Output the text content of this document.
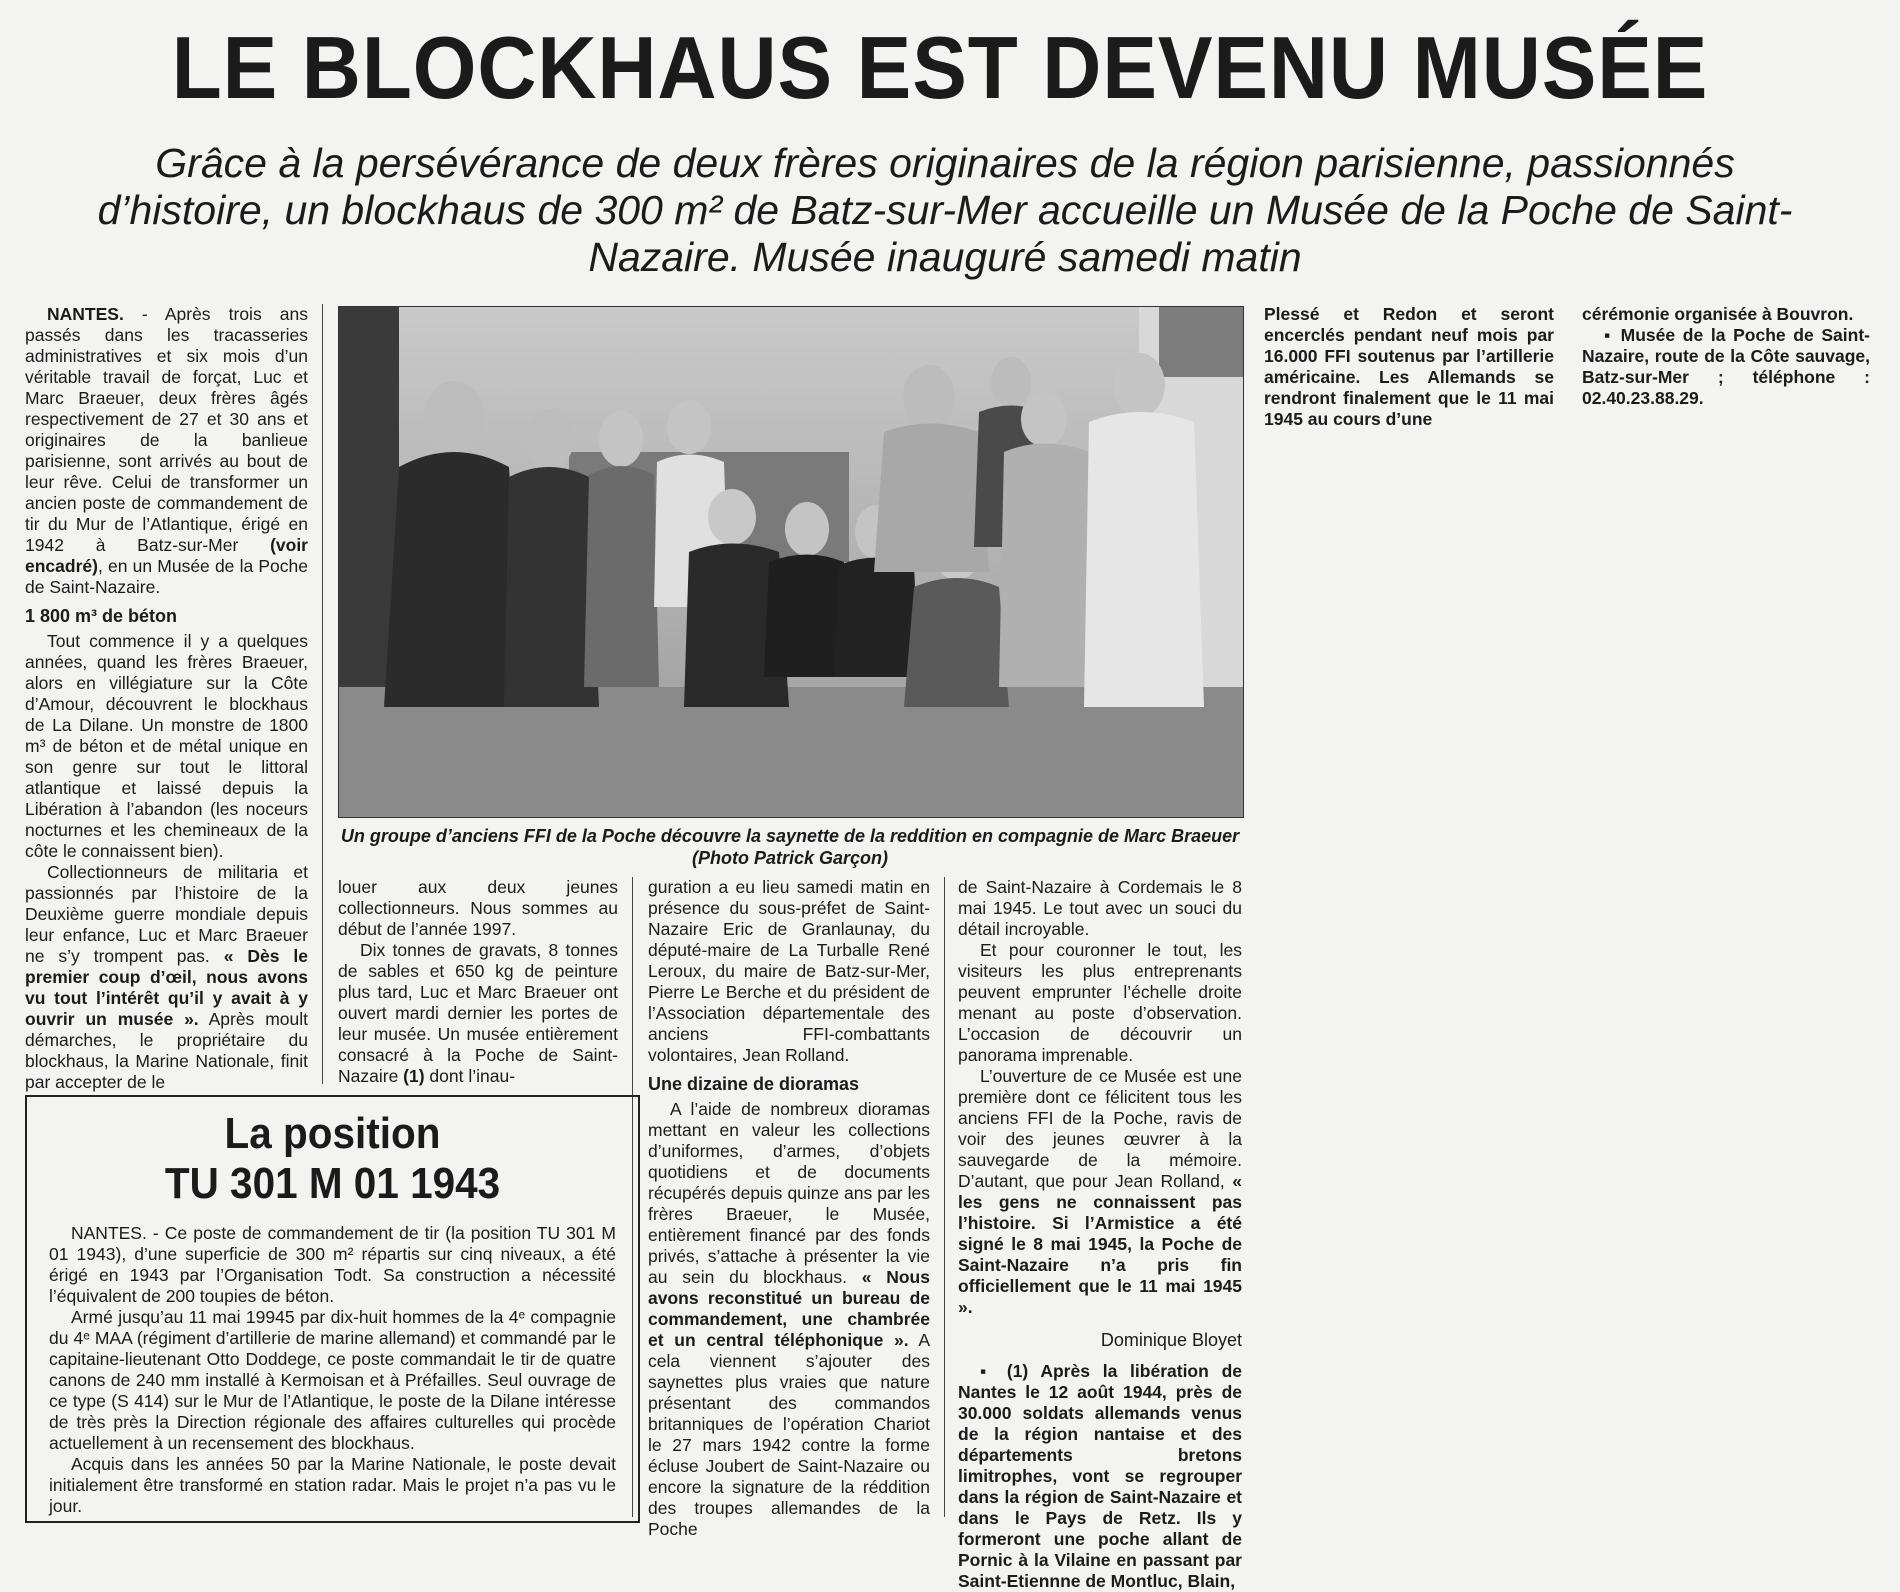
LE BLOCKHAUS EST DEVENU MUSÉE

Grâce à la persévérance de deux frères originaires de la région parisienne, passionnés d’histoire, un blockhaus de 300 m² de Batz-sur-Mer accueille un Musée de la Poche de Saint-Nazaire. Musée inauguré samedi matin

NANTES. - Après trois ans passés dans les tracasseries administratives et six mois d’un véritable travail de forçat, Luc et Marc Braeuer, deux frères âgés respectivement de 27 et 30 ans et originaires de la banlieue parisienne, sont arrivés au bout de leur rêve. Celui de transformer un ancien poste de commandement de tir du Mur de l’Atlantique, érigé en 1942 à Batz-sur-Mer (voir encadré), en un Musée de la Poche de Saint-Nazaire.

1 800 m³ de béton

Tout commence il y a quelques années, quand les frères Braeuer, alors en villégiature sur la Côte d’Amour, découvrent le blockhaus de La Dilane. Un monstre de 1800 m³ de béton et de métal unique en son genre sur tout le littoral atlantique et laissé depuis la Libération à l’abandon (les noceurs nocturnes et les chemineaux de la côte le connaissent bien).

Collectionneurs de militaria et passionnés par l’histoire de la Deuxième guerre mondiale depuis leur enfance, Luc et Marc Braeuer ne s’y trompent pas. « Dès le premier coup d’œil, nous avons vu tout l’intérêt qu’il y avait à y ouvrir un musée ». Après moult démarches, le propriétaire du blockhaus, la Marine Nationale, finit par accepter de le

Un groupe d’anciens FFI de la Poche découvre la saynette de la reddition en compagnie de Marc Braeuer (Photo Patrick Garçon)

louer aux deux jeunes collectionneurs. Nous sommes au début de l’année 1997.

Dix tonnes de gravats, 8 tonnes de sables et 650 kg de peinture plus tard, Luc et Marc Braeuer ont ouvert mardi dernier les portes de leur musée. Un musée entièrement consacré à la Poche de Saint-Nazaire (1) dont l’inau-

guration a eu lieu samedi matin en présence du sous-préfet de Saint-Nazaire Eric de Granlaunay, du député-maire de La Turballe René Leroux, du maire de Batz-sur-Mer, Pierre Le Berche et du président de l’Association départementale des anciens FFI-combattants volontaires, Jean Rolland.

Une dizaine de dioramas

A l’aide de nombreux dioramas mettant en valeur les collections d’uniformes, d’armes, d’objets quotidiens et de documents récupérés depuis quinze ans par les frères Braeuer, le Musée, entièrement financé par des fonds privés, s’attache à présenter la vie au sein du blockhaus. « Nous avons reconstitué un bureau de commandement, une chambrée et un central téléphonique ». A cela viennent s’ajouter des saynettes plus vraies que nature présentant des commandos britanniques de l’opération Chariot le 27 mars 1942 contre la forme écluse Joubert de Saint-Nazaire ou encore la signature de la réddition des troupes allemandes de la Poche

de Saint-Nazaire à Cordemais le 8 mai 1945. Le tout avec un souci du détail incroyable.

Et pour couronner le tout, les visiteurs les plus entreprenants peuvent emprunter l’échelle droite menant au poste d’observation. L’occasion de découvrir un panorama imprenable.

L’ouverture de ce Musée est une première dont ce félicitent tous les anciens FFI de la Poche, ravis de voir des jeunes œuvrer à la sauvegarde de la mémoire. D’autant, que pour Jean Rolland, « les gens ne connaissent pas l’histoire. Si l’Armistice a été signé le 8 mai 1945, la Poche de Saint-Nazaire n’a pris fin officiellement que le 11 mai 1945 ».

Dominique Bloyet

▪ (1) Après la libération de Nantes le 12 août 1944, près de 30.000 soldats allemands venus de la région nantaise et des départements bretons limitrophes, vont se regrouper dans la région de Saint-Nazaire et dans le Pays de Retz. Ils y formeront une poche allant de Pornic à la Vilaine en passant par Saint-Etiennne de Montluc, Blain,

Plessé et Redon et seront encerclés pendant neuf mois par 16.000 FFI soutenus par l’artillerie américaine. Les Allemands se rendront finalement que le 11 mai 1945 au cours d’une

cérémonie organisée à Bouvron.

▪ Musée de la Poche de Saint-Nazaire, route de la Côte sauvage, Batz-sur-Mer ; téléphone : 02.40.23.88.29.

La position
TU 301 M 01 1943

NANTES. - Ce poste de commandement de tir (la position TU 301 M 01 1943), d’une superficie de 300 m² répartis sur cinq niveaux, a été érigé en 1943 par l’Organisation Todt. Sa construction a nécessité l’équivalent de 200 toupies de béton.

Armé jusqu’au 11 mai 19945 par dix-huit hommes de la 4ᵉ compagnie du 4ᵉ MAA (régiment d’artillerie de marine allemand) et commandé par le capitaine-lieutenant Otto Doddege, ce poste commandait le tir de quatre canons de 240 mm installé à Kermoisan et à Préfailles. Seul ouvrage de ce type (S 414) sur le Mur de l’Atlantique, le poste de la Dilane intéresse de très près la Direction régionale des affaires culturelles qui procède actuellement à un recensement des blockhaus.

Acquis dans les années 50 par la Marine Nationale, le poste devait initialement être transformé en station radar. Mais le projet n’a pas vu le jour.
